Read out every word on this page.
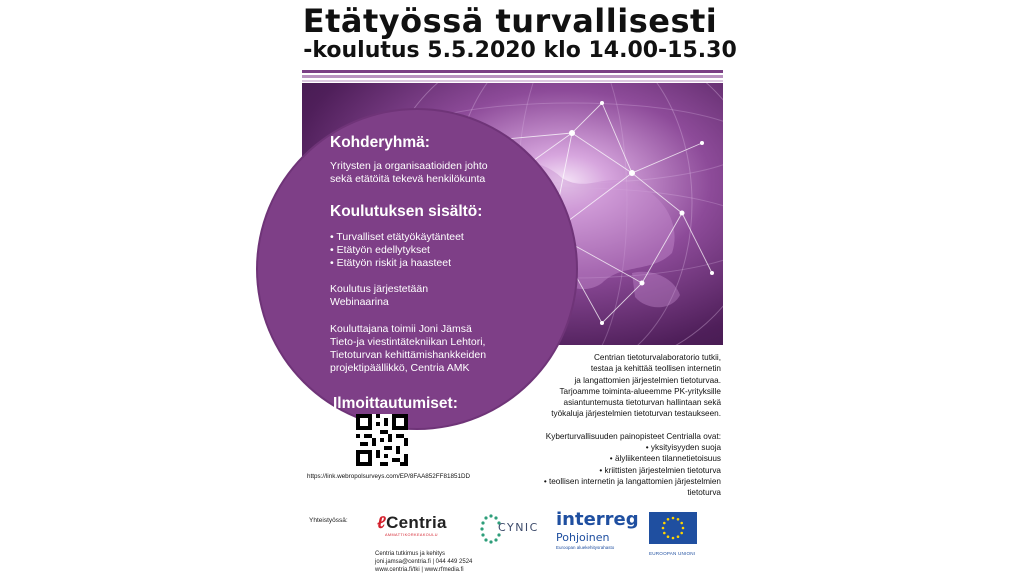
Etätyössä turvallisesti
-koulutus 5.5.2020 klo 14.00-15.30
Kohderyhmä:
Yritysten ja organisaatioiden johto
sekä etätöitä tekevä henkilökunta
Koulutuksen sisältö:
• Turvalliset etätyökäytänteet
• Etätyön edellytykset
• Etätyön riskit ja haasteet
Koulutus järjestetään
Webinaarina
Kouluttajana toimii Joni Jämsä
Tieto-ja viestintätekniikan Lehtori,
Tietoturvan kehittämishankkeiden
projektipäällikkö, Centria AMK
Ilmoittautumiset:
https://link.webropolsurveys.com/EP/8FAA852FF81851DD
Centrian tietoturvalaboratorio tutkii,
testaa ja kehittää teollisen internetin
ja langattomien järjestelmien tietoturvaa.
Tarjoamme toiminta-alueemme PK-yrityksille
asiantuntemusta tietoturvan hallintaan sekä
työkaluja järjestelmien tietoturvan testaukseen.
Kyberturvallisuuden painopisteet Centrialla ovat:
• yksityisyyden suoja
• älyliikenteen tilannetietoisuus
• kriittisten järjestelmien tietoturva
• teollisen internetin ja langattomien järjestelmien tietoturva
Yhteistyössä: ℓCentria
AMMATTIKORKEAKOULU
CYNIC interreg
Pohjoinen
Euroopan aluekehitysrahasto
EUROOPAN UNIONI
Centria tutkimus ja kehitys
joni.jamsa@centria.fi | 044 449 2524
www.centria.fi/tki | www.rfmedia.fi
